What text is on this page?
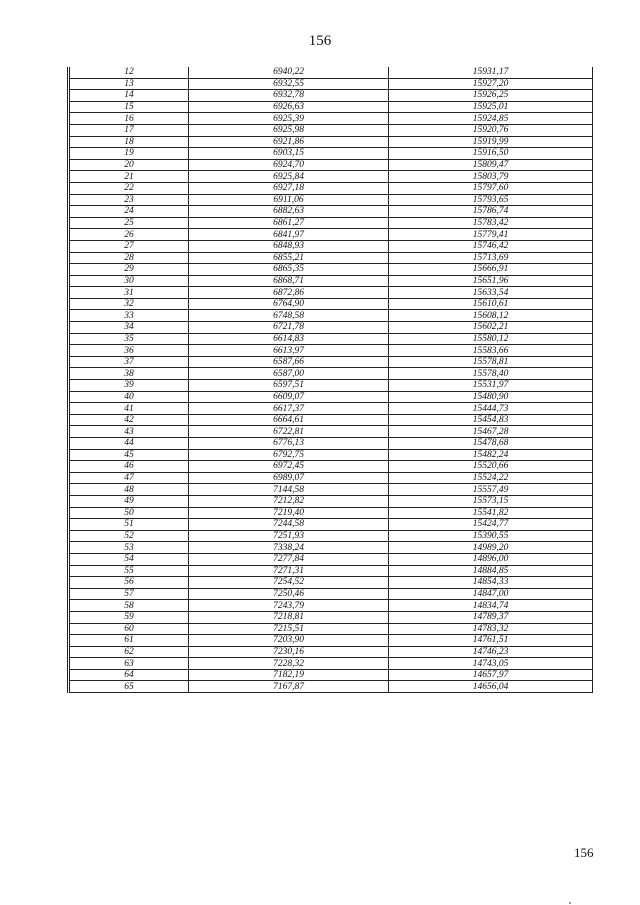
156
12	6940,22	15931,17
13	6932,55	15927,20
14	6932,78	15926,25
15	6926,63	15925,01
16	6925,39	15924,85
17	6925,98	15920,76
18	6921,86	15919,99
19	6903,15	15916,50
20	6924,70	15809,47
21	6925,84	15803,79
22	6927,18	15797,60
23	6911,06	15793,65
24	6882,63	15786,74
25	6861,27	15783,42
26	6841,97	15779,41
27	6848,93	15746,42
28	6855,21	15713,69
29	6865,35	15666,91
30	6868,71	15651,96
31	6872,86	15633,54
32	6764,90	15610,61
33	6748,58	15608,12
34	6721,78	15602,21
35	6614,83	15580,12
36	6613,97	15583,66
37	6587,66	15578,81
38	6587,00	15578,40
39	6597,51	15531,97
40	6609,07	15480,90
41	6617,37	15444,73
42	6664,61	15454,83
43	6722,81	15467,28
44	6776,13	15478,68
45	6792,75	15482,24
46	6972,45	15520,66
47	6989,07	15524,22
48	7144,58	15557,49
49	7212,82	15573,15
50	7219,40	15541,82
51	7244,58	15424,77
52	7251,93	15390,55
53	7338,24	14989,20
54	7277,84	14896,00
55	7271,31	14884,85
56	7254,52	14854,33
57	7250,46	14847,00
58	7243,79	14834,74
59	7218,81	14789,37
60	7215,51	14783,32
61	7203,90	14761,51
62	7230,16	14746,23
63	7228,32	14743,05
64	7182,19	14657,97
65	7167,87	14656,04
156
